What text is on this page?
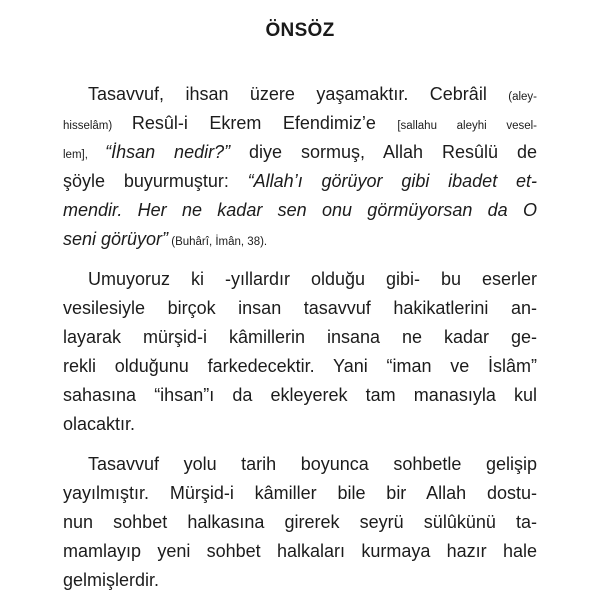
ÖNSÖZ
Tasavvuf, ihsan üzere yaşamaktır. Cebrâil (aley-
hisselâm) Resûl-i Ekrem Efendimiz’e [sallahu aleyhi vesel-
lem], “İhsan nedir?” diye sormuş, Allah Resûlü de
şöyle buyurmuştur: “Allah’ı görüyor gibi ibadet et-
mendir. Her ne kadar sen onu görmüyorsan da O
seni görüyor” (Buhârî, İmân, 38).
Umuyoruz ki -yıllardır olduğu gibi- bu eserler
vesilesiyle birçok insan tasavvuf hakikatlerini an-
layarak mürşid-i kâmillerin insana ne kadar ge-
rekli olduğunu farkedecektir. Yani “iman ve İslâm”
sahasına “ihsan”ı da ekleyerek tam manasıyla kul
olacaktır.
Tasavvuf yolu tarih boyunca sohbetle gelişip
yayılmıştır. Mürşid-i kâmiller bile bir Allah dostu-
nun sohbet halkasına girerek seyrü sülûkünü ta-
mamlayıp yeni sohbet halkaları kurmaya hazır hale
gelmişlerdir.
